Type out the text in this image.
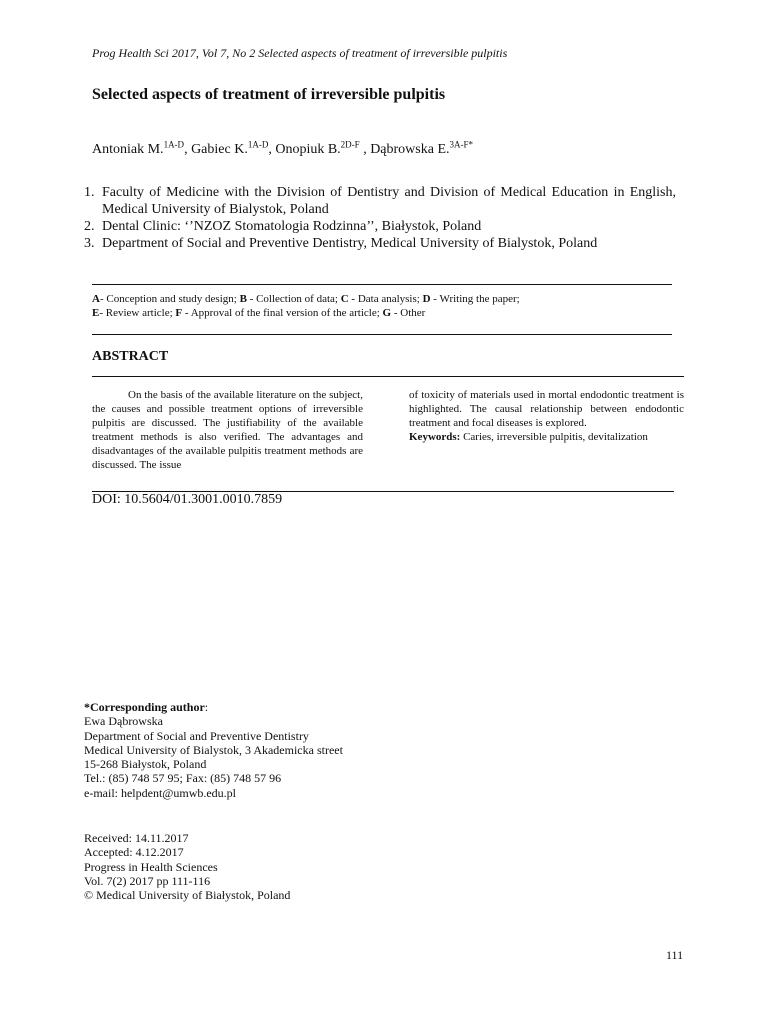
Prog Health Sci 2017, Vol 7, No 2 Selected aspects of treatment of irreversible pulpitis
Selected aspects of treatment of irreversible pulpitis
Antoniak M.$^{1A-D}$, Gabiec K.$^{1A-D}$, Onopiuk B.$^{2D-F}$ , Dąbrowska E.$^{3A-F*}$
1. Faculty of Medicine with the Division of Dentistry and Division of Medical Education in English, Medical University of Bialystok, Poland
2. Dental Clinic: ‘’NZOZ Stomatologia Rodzinna’’, Białystok, Poland
3. Department of Social and Preventive Dentistry, Medical University of Bialystok, Poland
A- Conception and study design; B - Collection of data; C - Data analysis; D - Writing the paper;
E- Review article; F - Approval of the final version of the article; G - Other
ABSTRACT
On the basis of the available literature on the subject, the causes and possible treatment options of irreversible pulpitis are discussed. The justifiability of the available treatment methods is also verified. The advantages and disadvantages of the available pulpitis treatment methods are discussed. The issue
of toxicity of materials used in mortal endodontic treatment is highlighted. The causal relationship between endodontic treatment and focal diseases is explored.
Keywords: Caries, irreversible pulpitis, devitalization
DOI: 10.5604/01.3001.0010.7859
*Corresponding author:
Ewa Dąbrowska
Department of Social and Preventive Dentistry
Medical University of Bialystok, 3 Akademicka street
15-268 Białystok, Poland
Tel.: (85) 748 57 95; Fax: (85) 748 57 96
e-mail: helpdent@umwb.edu.pl
Received: 14.11.2017
Accepted: 4.12.2017
Progress in Health Sciences
Vol. 7(2) 2017 pp 111-116
© Medical University of Białystok, Poland
111
